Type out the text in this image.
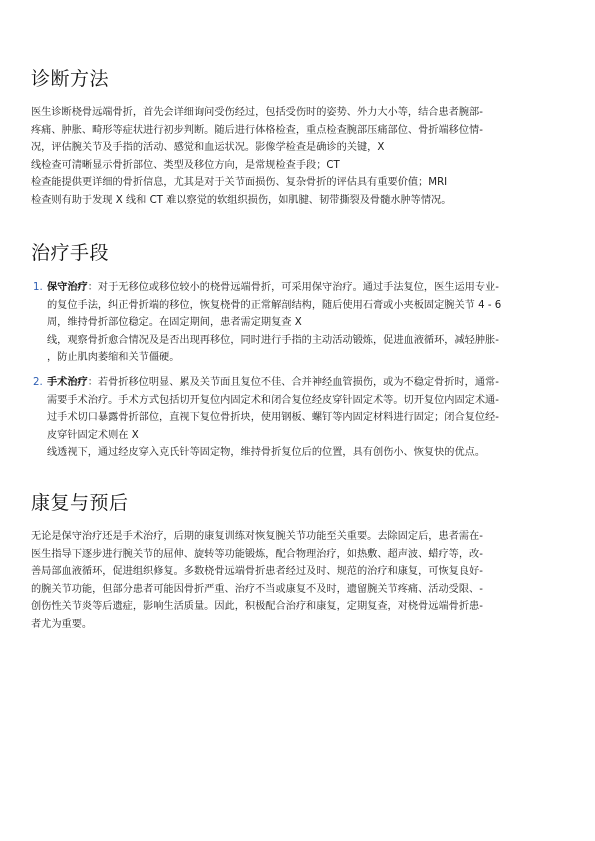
诊断方法

医生诊断桡骨远端骨折，首先会详细询问受伤经过，包括受伤时的姿势、外力大小等，结合患者腕部-
疼痛、肿胀、畸形等症状进行初步判断。随后进行体格检查，重点检查腕部压痛部位、骨折端移位情-
况，评估腕关节及手指的活动、感觉和血运状况。影像学检查是确诊的关键，X
线检查可清晰显示骨折部位、类型及移位方向，是常规检查手段；CT
检查能提供更详细的骨折信息，尤其是对于关节面损伤、复杂骨折的评估具有重要价值；MRI
检查则有助于发现 X 线和 CT 难以察觉的软组织损伤，如肌腱、韧带撕裂及骨髓水肿等情况。

治疗手段
1. 保守治疗：对于无移位或移位较小的桡骨远端骨折，可采用保守治疗。通过手法复位，医生运用专业-
的复位手法，纠正骨折端的移位，恢复桡骨的正常解剖结构，随后使用石膏或小夹板固定腕关节 4 - 6
周，维持骨折部位稳定。在固定期间，患者需定期复查 X
线，观察骨折愈合情况及是否出现再移位，同时进行手指的主动活动锻炼，促进血液循环，减轻肿胀-
，防止肌肉萎缩和关节僵硬。
2. 手术治疗：若骨折移位明显、累及关节面且复位不佳、合并神经血管损伤，或为不稳定骨折时，通常-
需要手术治疗。手术方式包括切开复位内固定术和闭合复位经皮穿针固定术等。切开复位内固定术通-
过手术切口暴露骨折部位，直视下复位骨折块，使用钢板、螺钉等内固定材料进行固定；闭合复位经-
皮穿针固定术则在 X
线透视下，通过经皮穿入克氏针等固定物，维持骨折复位后的位置，具有创伤小、恢复快的优点。
康复与预后

无论是保守治疗还是手术治疗，后期的康复训练对恢复腕关节功能至关重要。去除固定后，患者需在-
医生指导下逐步进行腕关节的屈伸、旋转等功能锻炼，配合物理治疗，如热敷、超声波、蜡疗等，改-
善局部血液循环，促进组织修复。多数桡骨远端骨折患者经过及时、规范的治疗和康复，可恢复良好-
的腕关节功能，但部分患者可能因骨折严重、治疗不当或康复不及时，遗留腕关节疼痛、活动受限、-
创伤性关节炎等后遗症，影响生活质量。因此，积极配合治疗和康复，定期复查，对桡骨远端骨折患-
者尤为重要。
